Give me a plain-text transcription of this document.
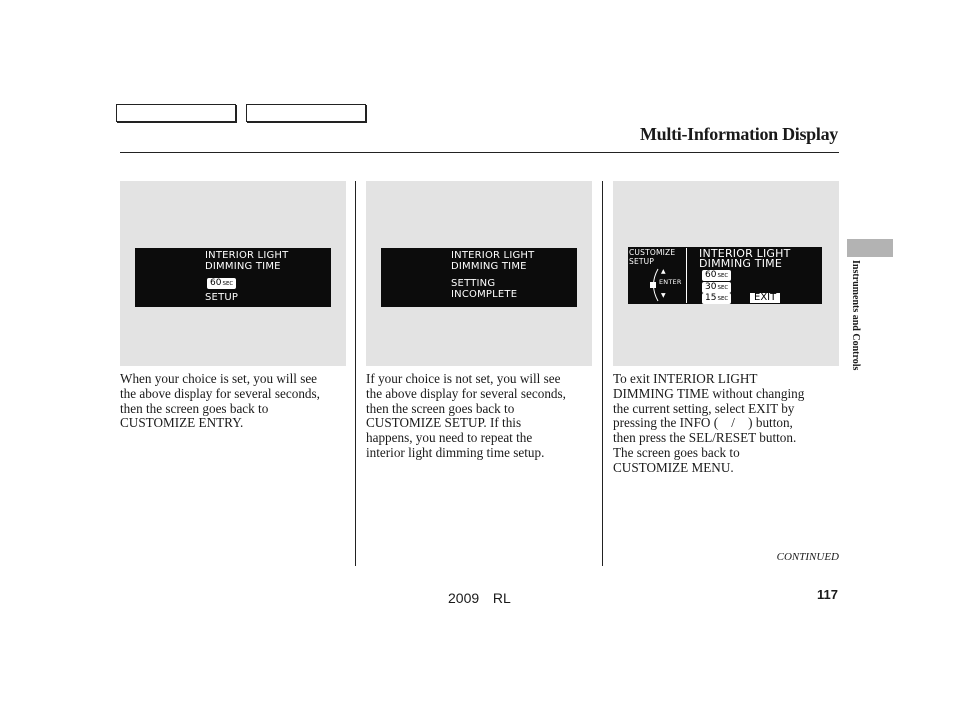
Multi-Information Display
Instruments and Controls
INTERIOR LIGHT
DIMMING TIME
60SEC
SETUP
INTERIOR LIGHT
DIMMING TIME
SETTING
INCOMPLETE
CUSTOMIZE
SETUP
▲
ENTER
▼
INTERIOR LIGHT
DIMMING TIME
60SEC
30SEC
15SEC	EXIT
When your choice is set, you will see
the above display for several seconds,
then the screen goes back to
CUSTOMIZE ENTRY.
If your choice is not set, you will see
the above display for several seconds,
then the screen goes back to
CUSTOMIZE SETUP. If this
happens, you need to repeat the
interior light dimming time setup.
To exit INTERIOR LIGHT
DIMMING TIME without changing
the current setting, select EXIT by
pressing the INFO (    /    ) button,
then press the SEL/RESET button.
The screen goes back to
CUSTOMIZE MENU.
CONTINUED
2009  RL	117
